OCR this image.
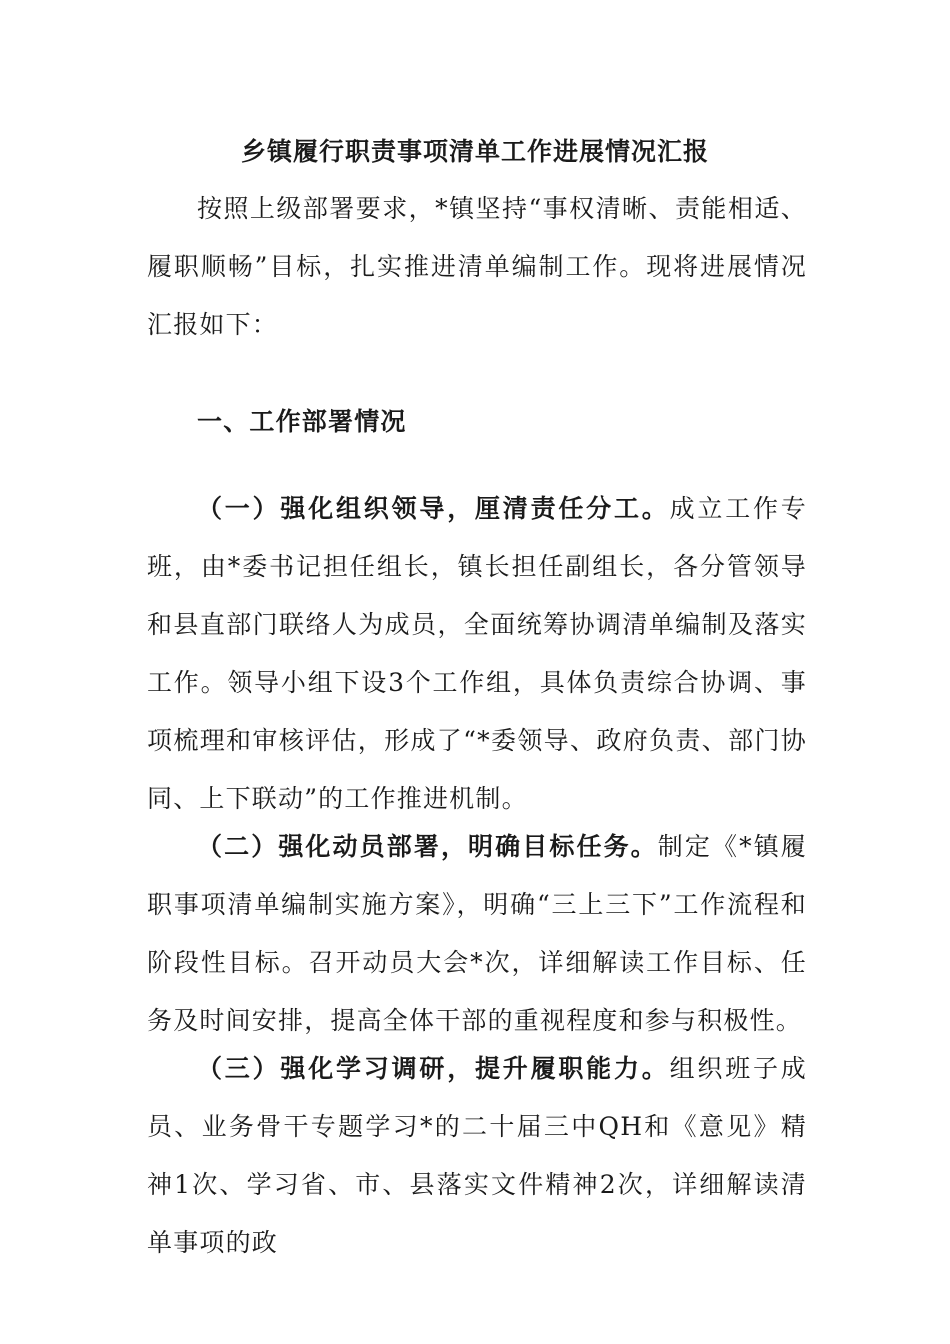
乡镇履行职责事项清单工作进展情况汇报

按照上级部署要求，*镇坚持“事权清晰、责能相适、履职顺畅”目标，扎实推进清单编制工作。现将进展情况汇报如下：

一、工作部署情况

（一）强化组织领导，厘清责任分工。成立工作专班，由*委书记担任组长，镇长担任副组长，各分管领导和县直部门联络人为成员，全面统筹协调清单编制及落实工作。领导小组下设3个工作组，具体负责综合协调、事项梳理和审核评估，形成了“*委领导、政府负责、部门协同、上下联动”的工作推进机制。

（二）强化动员部署，明确目标任务。制定《*镇履职事项清单编制实施方案》，明确“三上三下”工作流程和阶段性目标。召开动员大会*次，详细解读工作目标、任务及时间安排，提高全体干部的重视程度和参与积极性。

（三）强化学习调研，提升履职能力。组织班子成员、业务骨干专题学习*的二十届三中QH和《意见》精神1次、学习省、市、县落实文件精神2次，详细解读清单事项的政
